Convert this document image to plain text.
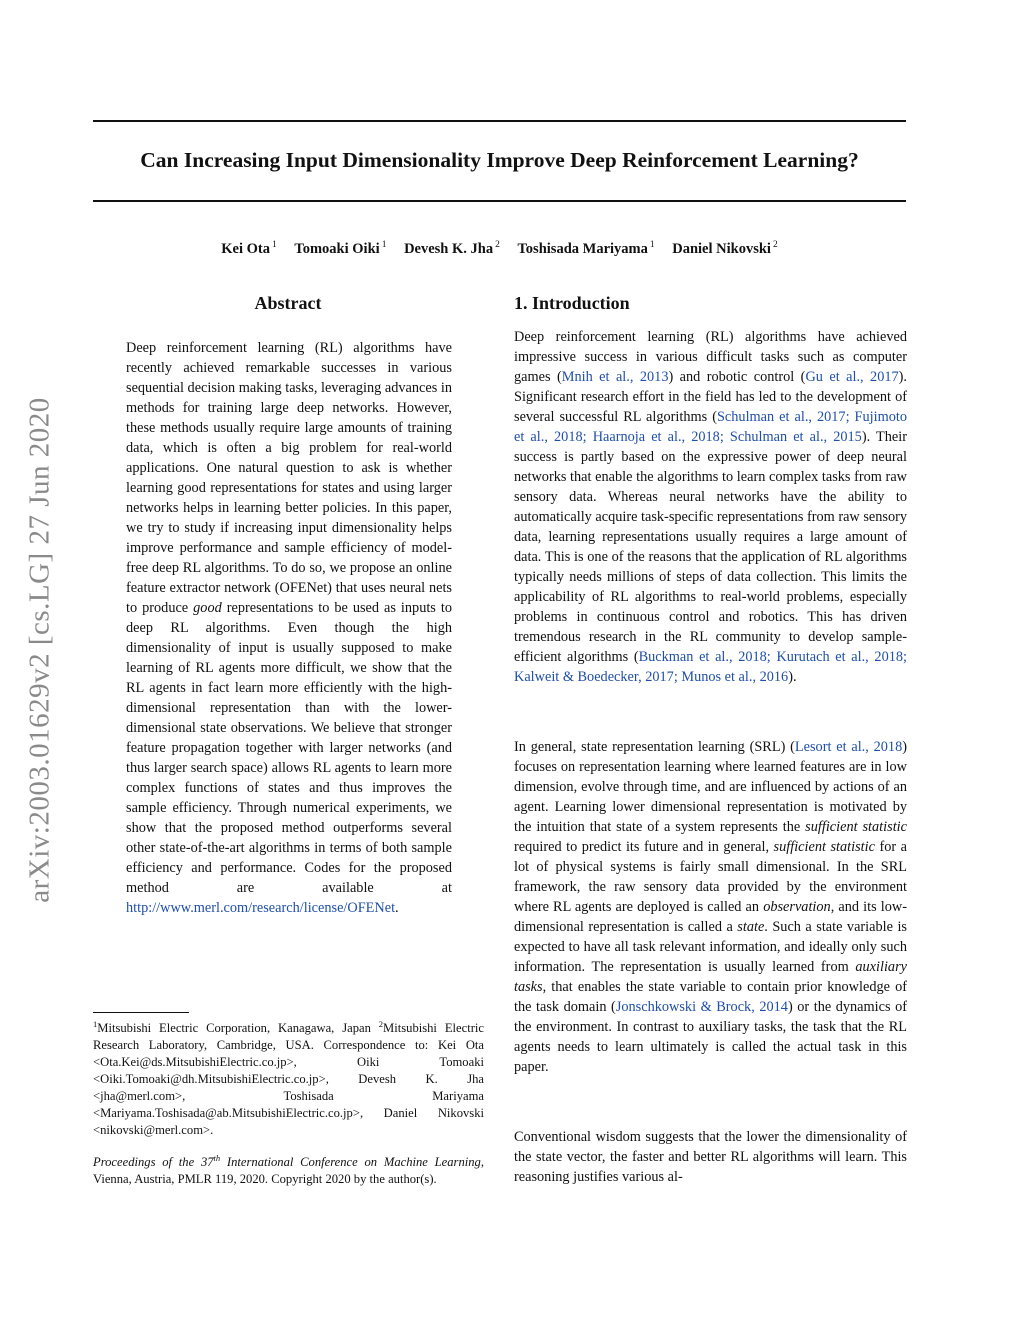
Can Increasing Input Dimensionality Improve Deep Reinforcement Learning?
Kei Ota $^1$ Tomoaki Oiki $^1$ Devesh K. Jha $^2$ Toshisada Mariyama $^1$ Daniel Nikovski $^2$
arXiv:2003.01629v2 [cs.LG] 27 Jun 2020
Abstract

Deep reinforcement learning (RL) algorithms have recently achieved remarkable successes in various sequential decision making tasks, leveraging advances in methods for training large deep networks. However, these methods usually require large amounts of training data, which is often a big problem for real-world applications. One natural question to ask is whether learning good representations for states and using larger networks helps in learning better policies. In this paper, we try to study if increasing input dimensionality helps improve performance and sample efficiency of model-free deep RL algorithms. To do so, we propose an online feature extractor network (OFENet) that uses neural nets to produce good representations to be used as inputs to deep RL algorithms. Even though the high dimensionality of input is usually supposed to make learning of RL agents more difficult, we show that the RL agents in fact learn more efficiently with the high-dimensional representation than with the lower-dimensional state observations. We believe that stronger feature propagation together with larger networks (and thus larger search space) allows RL agents to learn more complex functions of states and thus improves the sample efficiency. Through numerical experiments, we show that the proposed method outperforms several other state-of-the-art algorithms in terms of both sample efficiency and performance. Codes for the proposed method are available at http://www.merl.com/research/license/OFENet.

$^1$Mitsubishi Electric Corporation, Kanagawa, Japan $^2$Mitsubishi Electric Research Laboratory, Cambridge, USA. Correspondence to: Kei Ota <Ota.Kei@ds.MitsubishiElectric.co.jp>, Oiki Tomoaki <Oiki.Tomoaki@dh.MitsubishiElectric.co.jp>, Devesh K. Jha <jha@merl.com>, Toshisada Mariyama <Mariyama.Toshisada@ab.MitsubishiElectric.co.jp>, Daniel Nikovski <nikovski@merl.com>.

Proceedings of the 37th International Conference on Machine Learning, Vienna, Austria, PMLR 119, 2020. Copyright 2020 by the author(s).

1. Introduction

Deep reinforcement learning (RL) algorithms have achieved impressive success in various difficult tasks such as computer games (Mnih et al., 2013) and robotic control (Gu et al., 2017). Significant research effort in the field has led to the development of several successful RL algorithms (Schulman et al., 2017; Fujimoto et al., 2018; Haarnoja et al., 2018; Schulman et al., 2015). Their success is partly based on the expressive power of deep neural networks that enable the algorithms to learn complex tasks from raw sensory data. Whereas neural networks have the ability to automatically acquire task-specific representations from raw sensory data, learning representations usually requires a large amount of data. This is one of the reasons that the application of RL algorithms typically needs millions of steps of data collection. This limits the applicability of RL algorithms to real-world problems, especially problems in continuous control and robotics. This has driven tremendous research in the RL community to develop sample-efficient algorithms (Buckman et al., 2018; Kurutach et al., 2018; Kalweit & Boedecker, 2017; Munos et al., 2016).

In general, state representation learning (SRL) (Lesort et al., 2018) focuses on representation learning where learned features are in low dimension, evolve through time, and are influenced by actions of an agent. Learning lower dimensional representation is motivated by the intuition that state of a system represents the sufficient statistic required to predict its future and in general, sufficient statistic for a lot of physical systems is fairly small dimensional. In the SRL framework, the raw sensory data provided by the environment where RL agents are deployed is called an observation, and its low-dimensional representation is called a state. Such a state variable is expected to have all task relevant information, and ideally only such information. The representation is usually learned from auxiliary tasks, that enables the state variable to contain prior knowledge of the task domain (Jonschkowski & Brock, 2014) or the dynamics of the environment. In contrast to auxiliary tasks, the task that the RL agents needs to learn ultimately is called the actual task in this paper.

Conventional wisdom suggests that the lower the dimensionality of the state vector, the faster and better RL algorithms will learn. This reasoning justifies various al-
